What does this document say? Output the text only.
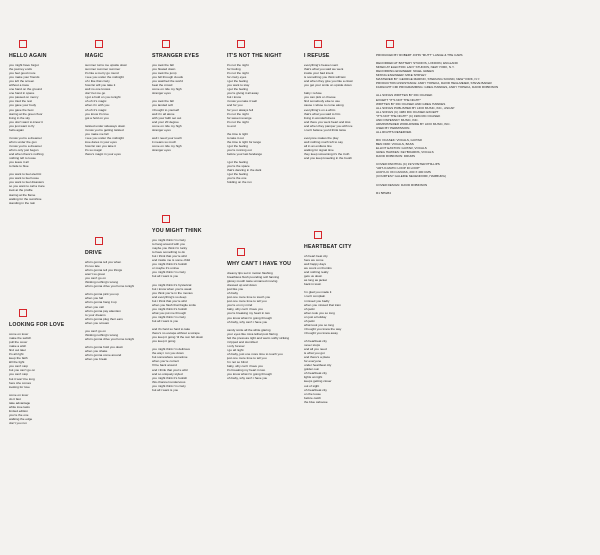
HELLO AGAIN
you might have forgot
the journey ends
you feel good more
you make your friends
you left the screen
without a trace
one hand on the ground
one hand in space
you passed on mercy
you tried the rest
you gave your body
you gave the best
staring at the green floor
living in the sky
you don't want to know it
you just want to fly
hello again
i know you're a dreamer
who's under the gun
i know you're a dreamer
who's only just begun
and when there's nothing
nothing left to loose
you leave it all
to fade to blue
you want to feel electric
you want to feel loose
you want to feel disasters
so you want to call a truce
look at the profile
staring at the flame
waiting for the sunshine
standing in the rain
LOOKING FOR LOVE
come on lover
make the switch
pull the cover
make a wish
find out later
it's all right
keep the faith
kill the light
you can't stop
but you can't go on
you can't stop
but it won't be long
here she comes
looking for love
come on lover
do it fast
take advantage
while love lasts
limited edition
you're the one
walking the edge
don't you run
MAGIC
summer turns me upside down
summer summer summer
it's like a merry go round
i see you under the midnight
oh i like that crazy
how far will you take it
well no one knows
don't let me go
i got a hold on you tonight
oh oh it's magic
when i'm with you
oh oh it's magic
you know it's true
got a hold on you
twisted under sideways down
i know you're getting twisted
you make me fall
i see you under the midnight
love dares in your eyes
how far can you take it
it's so magic
there's magic in your eyes
DRIVE
who's gonna tell you when
it's too late
who's gonna tell you things
aren't so great
you can't go on
thinking nothing's wrong
who's gonna drive you home tonight
who's gonna pick you up
when you fall
who's gonna hang it up
when you call
who's gonna pay attention
to your dreams
who's gonna plug their ears
when you scream
you can't go on
thinking nothing's wrong
who's gonna drive you home tonight
who's gonna hold you down
when you shake
who's gonna come around
when you break
STRANGER EYES
you took the fall
you floated down
you took the jump
you fell through clouds
you watched the world
beat the crowd
come on ride my high
stranger eyes
you took the fall
you landed soft
i thought to yourself
well i'm all alone
with your faith set out
and your 20 degree
come on ride my high
stranger eyes
well i need your touch
it means so much
come on ride my high
stranger eyes
YOU MIGHT THINK
you might think i'm crazy
to hang around with you
maybe you think i'm lucky
to have something to do
but i think that you're wild
and inside me is some child
you might think it's foolish
or maybe it's untrue
you might think i'm crazy
but all i want is you
you might think it's hysterical
but i know when you're weak
you think you're in the movies
and everything's so deep
but i think that you're wild
when you flash that fragile smile
you might think it's foolish
what you put me through
you might think i'm crazy
but all i want is you
and it's hard so hard to take
there's no escape without a scrape
you keep it going 'til the sun fell down
you keep it going
you might think i'm delirious
the way i run you down
but somewhere sometime
when you're correct
i'll be back around
and i think that you're wild
and so uniquely styled
you might think it's foolish
this channel rendezvous
you might think i'm crazy
but all i want is you
IT'S NOT THE NIGHT
it's not the night
for fooling
it's not the night
for crazy eyes
i get the feeling
you want to stay
i get the feeling
you're giving it all away
but i know
i know you take it well
and for you
for you i always fell
it's not the night
for sweet revenge
it's not the night
to end
the time is right
to take it out
the time is right for tango
i got the feeling
you're running out
before your last fandango
i got the feeling
you're the space
that's dancing in the dark
i get the feeling
you're the one
holding on the run
WHY CAN'T I HAVE YOU
dreamy lips set in motion flashing
breathless flush pounding soft fanning
glossy mouth taste unnamed moving
dressed up and down
just like you
oh baby
just one more time to touch you
just one more time to tell you
you're on my mind
baby, why can't i have you
you're breaking my heart in two
you know what i'm going through
oh baby, why can't i have you
candy smile all the while glaring
your eyes like mica lethal post flaring
felt the pressure tight and warm softly striking
i tripped and stumbled
i only forever
i go all night
oh baby, just one more time to touch you
just one more time to tell you
i'm not so blind
baby, why can't i have you
it's breaking my heart in two
you know what i'm going through
oh baby, why can't i have you
I REFUSE
everything's heaven sent
that's what you said we went
inside your bad intent
is something you think will last
and when they give you like a clown
you get your smile on upside down
baby i refuse
you can pick or choose
find somebody else to use
cause i refuse to come along
everything's on a whim
that's what you said to him
living in wonderfulness
and there you went heart and kiss
and when they pamper you with ice
i can't believe you'd think twice
everyone makes the play
well nothing much left to say
all in an endless line
waiting for signal time
they keep screaming it's the truth
and you keep kneeling in the booth
HEARTBEAT CITY
oh heart beat city
here we come
well happy days
we count on thumbs
and nothing really
gets us down
as long as jacket
back in town
i'm glad you made it
i can't complain
i missed you badly
when you missed that train
oh jacki
when took you so long
on just a holiday
oh jacki
what took you so long
i thought you knew the way
i thought you knew away
oh heartbeat city
never stops
and all you need
is what you got
and there's a place
for everyone
under heartbeat city
golden sun
oh heartbeat city
lights at night
keeps getting closer
out of sight
oh heartbeat city
on the loose
before catch
the blue caboose
PRODUCED BY ROBERT JOHN "MUTT" LANGE & THE CARS
RECORDED AT BATTERY STUDIOS, LONDON, ENGLAND
MIXED AT ELECTRIC LADY STUDIOS, NEW YORK, N.Y.
RECORDING ENGINEER: NIGEL GREEN
MIXING ENGINEER: MIKE SHIPLEY
MASTERED BY: GEORGE MARINO, STERLING SOUND, NEW YORK, N.Y.
PRODUCTION ASSISTANCE: ANDY TOPEKA, DAVID HEGLMEIER, STEVE BAKER
FAIRLIGHT CMI PROGRAMMING: GREG HAWKES, ANDY TOPEKA, DAVID ROBINSON
ALL SONGS WRITTEN BY RIC OCASEK
EXCEPT "IT'S NOT THE NIGHT"
WRITTEN BY RIC OCASEK AND GREG HAWKES
ALL SONGS PUBLISHED BY LIDO MUSIC, INC., ASCAP
ALL SONGS (C) 1983 RIC OCASEK EXCEPT
"IT'S NOT THE NIGHT" (C) 1984 RIC OCASEK
AND OSPENSKY MUSIC, INC.
ADMINISTERED WORLDWIDE BY LIDO MUSIC, INC.
USED BY PERMISSION.
ALL RIGHTS RESERVED.
RIC OCASEK: VOCALS, GUITAR
BEN ORR: VOCALS, BASS
ELLIOT EASTON: GUITAR, VOCALS
GREG HAWKES: KEYBOARDS, VOCALS
DAVID ROBINSON: DRUMS
COVER PAINTING (C) 1972 PETER PHILLIPS
"ART-O-MATIC LOOP DI LOOP"
ACRYLIC ON CANVAS, 200 X 400 CMS
(COURTESY GALERIE NEUENDORF, HAMBURG)
COVER DESIGN: DAVID ROBINSON
R1 585284
